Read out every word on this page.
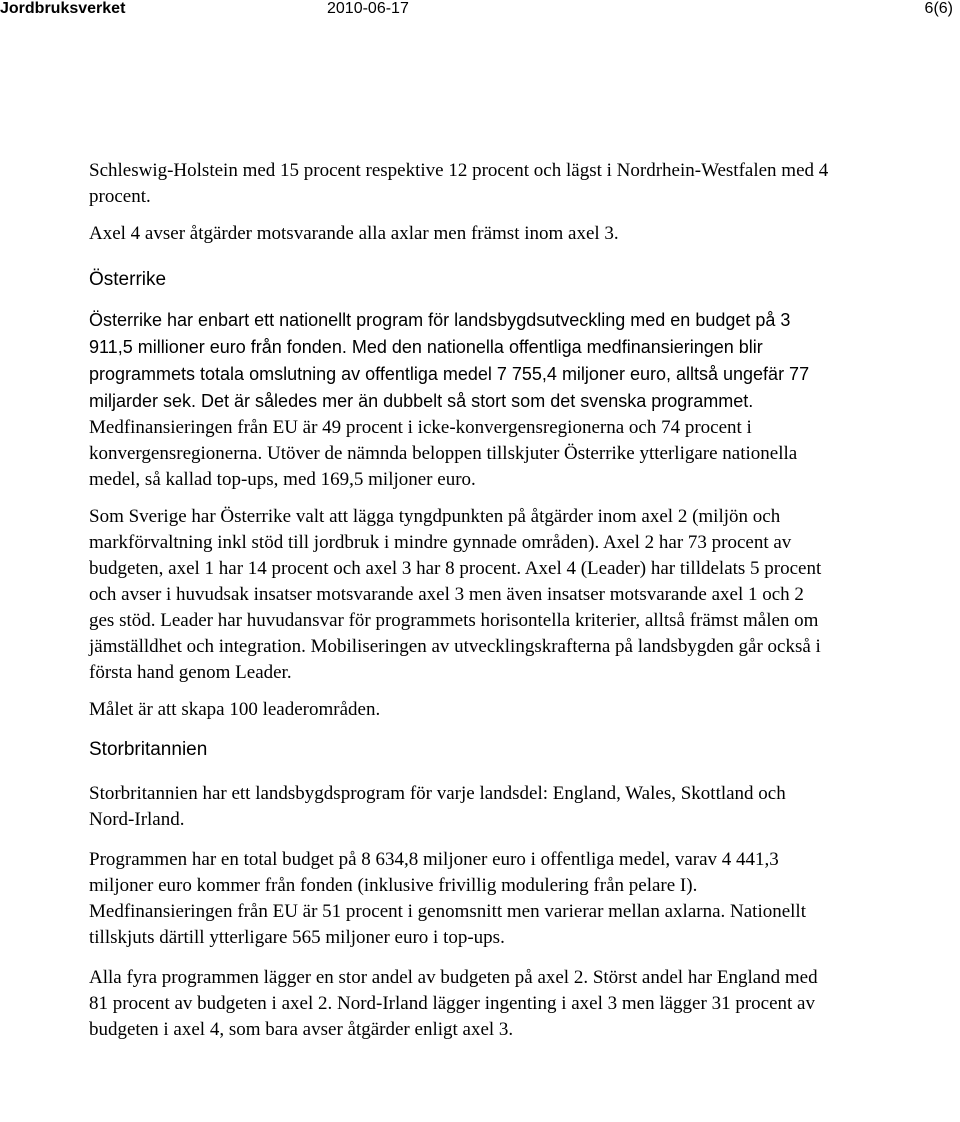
Jordbruksverket	2010-06-17	6(6)

Schleswig-Holstein med 15 procent respektive 12 procent och lägst i Nordrhein-Westfalen med 4 procent.

Axel 4 avser åtgärder motsvarande alla axlar men främst inom axel 3.

Österrike

Österrike har enbart ett nationellt program för landsbygdsutveckling med en budget på 3 911,5 millioner euro från fonden. Med den nationella offentliga medfinansieringen blir programmets totala omslutning av offentliga medel 7 755,4 miljoner euro, alltså ungefär 77 miljarder sek. Det är således mer än dubbelt så stort som det svenska programmet. Medfinansieringen från EU är 49 procent i icke-konvergensregionerna och 74 procent i konvergensregionerna. Utöver de nämnda beloppen tillskjuter Österrike ytterligare nationella medel, så kallad top-ups, med 169,5 miljoner euro.

Som Sverige har Österrike valt att lägga tyngdpunkten på åtgärder inom axel 2 (miljön och markförvaltning inkl stöd till jordbruk i mindre gynnade områden). Axel 2 har 73 procent av budgeten, axel 1 har 14 procent och axel 3 har 8 procent. Axel 4 (Leader) har tilldelats 5 procent och avser i huvudsak insatser motsvarande axel 3 men även insatser motsvarande axel 1 och 2 ges stöd. Leader har huvudansvar för programmets horisontella kriterier, alltså främst målen om jämställdhet och integration. Mobiliseringen av utvecklingskrafterna på landsbygden går också i första hand genom Leader.

Målet är att skapa 100 leaderområden.

Storbritannien

Storbritannien har ett landsbygdsprogram för varje landsdel: England, Wales, Skottland och Nord-Irland.

Programmen har en total budget på 8 634,8 miljoner euro i offentliga medel, varav 4 441,3 miljoner euro kommer från fonden (inklusive frivillig modulering från pelare I). Medfinansieringen från EU är 51 procent i genomsnitt men varierar mellan axlarna. Nationellt tillskjuts därtill ytterligare 565 miljoner euro i top-ups.

Alla fyra programmen lägger en stor andel av budgeten på axel 2. Störst andel har England med 81 procent av budgeten i axel 2. Nord-Irland lägger ingenting i axel 3 men lägger 31 procent av budgeten i axel 4, som bara avser åtgärder enligt axel 3.
